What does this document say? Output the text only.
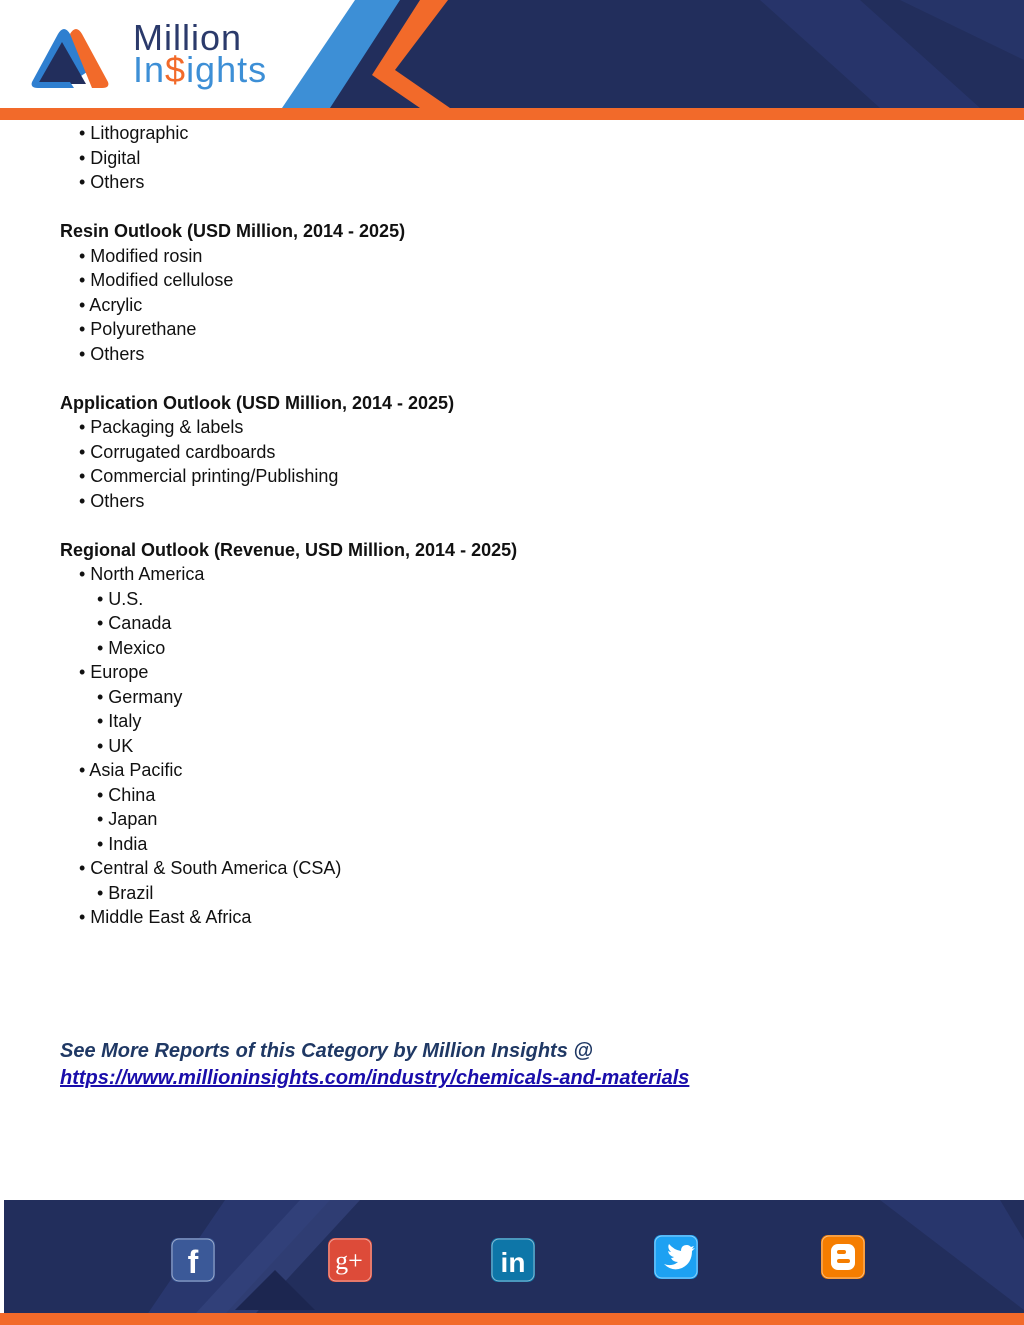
Million
In$ights
• Lithographic
• Digital
• Others
Resin Outlook (USD Million, 2014 - 2025)
• Modified rosin
• Modified cellulose
• Acrylic
• Polyurethane
• Others
Application Outlook (USD Million, 2014 - 2025)
• Packaging & labels
• Corrugated cardboards
• Commercial printing/Publishing
• Others
Regional Outlook (Revenue, USD Million, 2014 - 2025)
• North America
• U.S.
• Canada
• Mexico
• Europe
• Germany
• Italy
• UK
• Asia Pacific
• China
• Japan
• India
• Central & South America (CSA)
• Brazil
• Middle East & Africa
See More Reports of this Category by Million Insights @
https://www.millioninsights.com/industry/chemicals-and-materials
f	g+	in
